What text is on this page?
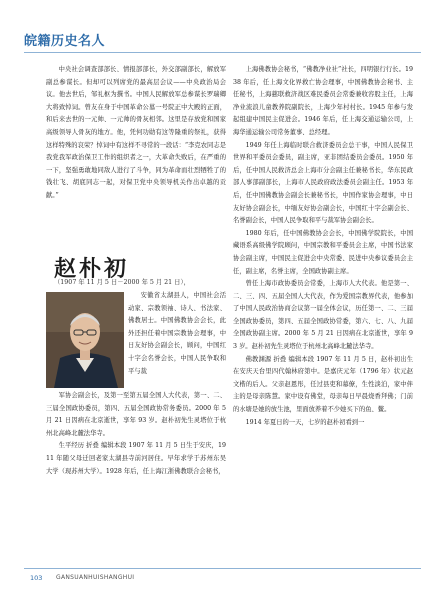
皖籍历史名人

中央社会调查部部长、情报部部长，外交部副部长，解放军副总参谋长。但却可以列席党的最高层会议——中央政治局会议。他去世后，邹礼枢为撰书。中国人民解放军总参谋长罗瑞卿大将致悼词。曾友在身于中国革命公墓一号院正中大殿的正面，和后来去世的一元帅、一元帅的骨灰相邻。这里是存放党和国家高级领导人骨灰的地方。他，凭何功勋有这等隆重的祭礼，获得这样特殊的哀荣？悼词中有这样不寻常的一段话：“李克农同志是我党我军政治保卫工作的组织者之一，大革命失败后，在严重的一下，坚强勇敢地同敌人进行了斗争，同为革命而壮烈牺牲了的钱壮飞、胡底同志一起，对保卫党中央领导机关作出卓越的贡献。”

赵朴初
（1907 年 11 月 5 日－2000 年 5 月 21 日），

安徽省太湖县人，中国社会活动家、宗教领袖、诗人、书法家、佛教居士。中国佛教协会会长，此外还担任着中国宗教协会理事，中日友好协会副会长，顾问，中国红十字会名誉会长，中国人民争取和平与裁

军协会副会长，及第一至第五届全国人大代表，第一、二、三届全国政协委员，第四、五届全国政协常务委员。2000 年 5 月 21 日因病在北京逝世，享年 93 岁。赵朴初先生灵塔位于杭州北高峰北麓法华寺。

生平经历 折叠 编辑本段 1907 年 11 月 5 日生于安庆，1911 年随父母迁回老家太湖县寺前河居住。早年求学于苏州东吴大学（现苏州大学）。1928 年后，任上海江浙佛教联合会秘书，

上海佛教协会秘书，“佛教净业社”社长，四明银行行长。1938 年后，任上海文化界救亡协会理事，中国佛教协会秘书、主任秘书，上海慈联救济战区难民委员会常委兼收容股主任，上海净业流浪儿童教养院副院长，上海少年村村长。1945 年参与发起组建中国民主促进会。1946 年后，任上海交通运输公司，上海华通运输公司常务董事、总经理。

1949 年任上海临时联合救济委员会总干事，中国人民保卫世界和平委员会委员，副主席，亚非团结委员会委员。1950 年后，任中国人民救济总会上海市分会副主任兼秘书长，华东民政部人事部副部长，上海市人民政府政法委员会副主任。1953 年后，任中国佛教协会副会长兼秘书长，中国作家协会理事，中日友好协会副会长，中缅友好协会副会长，中国红十字会副会长、名誉副会长，中国人民争取和平与裁军协会副会长。

1980 年后，任中国佛教协会会长，中国佛学院院长，中国藏语系高级佛学院顾问，中国宗教和平委员会主席，中国书法家协会副主席，中国民主促进会中央常委、民进中央参议委员会主任，副主席，名誉主席，全国政协副主席。

曾任上海市政协委员会常委，上海市人大代表。他是第一、二、三、四、五届全国人大代表，作为爱国宗教界代表，他参加了中国人民政治协商会议第一届全体会议，历任第一、二、三届全国政协委员，第四、五届全国政协常委，第六、七、八、九届全国政协副主席。2000 年 5 月 21 日因病在北京逝世，享年 93 岁。赵朴初先生灵塔位于杭州北高峰北麓法华寺。

佛教渊源 折叠 编辑本段 1907 年 11 月 5 日，赵朴初出生在安庆天台里四代翰林府第中。是嘉庆元年（1796 年）状元赵文楷的后人。父亲赵恩彤，任过县吏和幕僚，生性淡泊，家中伴主的是母亲陈慧。家中设有佛堂，母亲每日早晨烧香拜佛；门前的水塘是她的放生池，里面放养着不少她买下的鱼、鳖。

1914 年夏日的一天，七岁的赵朴初看到一

103 GANSUANHUISHANGHUI
